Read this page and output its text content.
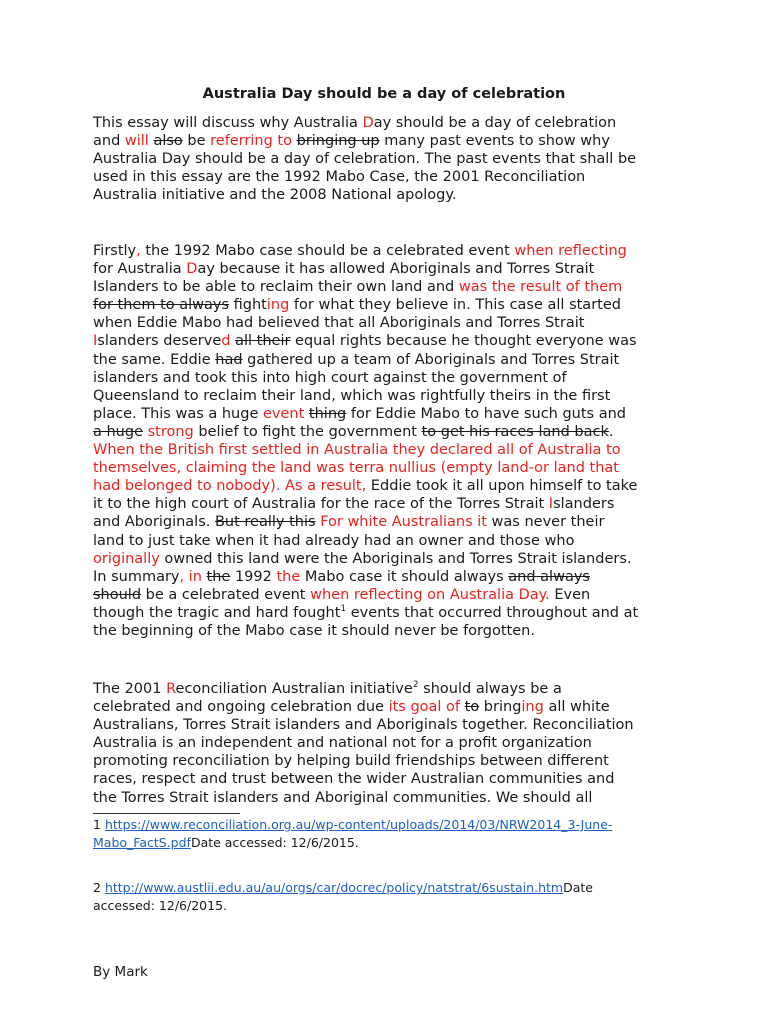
Australia Day should be a day of celebration
This essay will discuss why Australia Day should be a day of celebration
and will also be referring to bringing up many past events to show why
Australia Day should be a day of celebration. The past events that shall be
used in this essay are the 1992 Mabo Case, the 2001 Reconciliation
Australia initiative and the 2008 National apology.
Firstly, the 1992 Mabo case should be a celebrated event when reflecting
for Australia Day because it has allowed Aboriginals and Torres Strait
Islanders to be able to reclaim their own land and was the result of them
for them to always fighting for what they believe in. This case all started
when Eddie Mabo had believed that all Aboriginals and Torres Strait
Islanders deserved all their equal rights because he thought everyone was
the same. Eddie had gathered up a team of Aboriginals and Torres Strait
islanders and took this into high court against the government of
Queensland to reclaim their land, which was rightfully theirs in the first
place. This was a huge event thing for Eddie Mabo to have such guts and
a huge strong belief to fight the government to get his races land back.
When the British first settled in Australia they declared all of Australia to
themselves, claiming the land was terra nullius (empty land-or land that
had belonged to nobody). As a result, Eddie took it all upon himself to take
it to the high court of Australia for the race of the Torres Strait Islanders
and Aboriginals. But really this For white Australians it was never their
land to just take when it had already had an owner and those who
originally owned this land were the Aboriginals and Torres Strait islanders.
In summary, in the 1992 the Mabo case it should always and always
should be a celebrated event when reflecting on Australia Day. Even
though the tragic and hard fought$^1$ events that occurred throughout and at
the beginning of the Mabo case it should never be forgotten.
The 2001 Reconciliation Australian initiative$^2$ should always be a
celebrated and ongoing celebration due its goal of to bringing all white
Australians, Torres Strait islanders and Aboriginals together. Reconciliation
Australia is an independent and national not for a profit organization
promoting reconciliation by helping build friendships between different
races, respect and trust between the wider Australian communities and
the Torres Strait islanders and Aboriginal communities. We should all
1 https://www.reconciliation.org.au/wp-content/uploads/2014/03/NRW2014_3-June-
Mabo_FactS.pdfDate accessed: 12/6/2015.
2 http://www.austlii.edu.au/au/orgs/car/docrec/policy/natstrat/6sustain.htmDate
accessed: 12/6/2015.

By Mark
